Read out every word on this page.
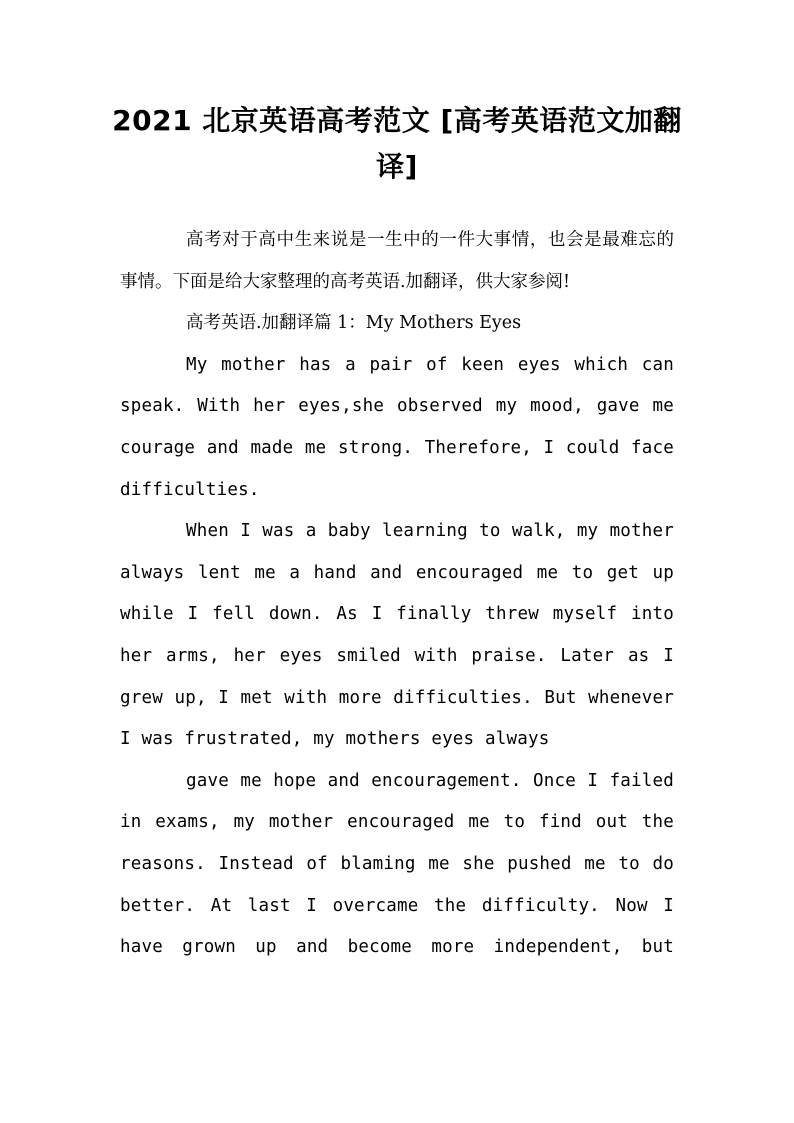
2021 北京英语高考范文 [高考英语范文加翻译]

高考对于高中生来说是一生中的一件大事情，也会是最难忘的事情。下面是给大家整理的高考英语.加翻译，供大家参阅!

高考英语.加翻译篇 1：My Mothers Eyes

My mother has a pair of keen eyes which can speak. With her eyes,she observed my mood, gave me courage and made me strong. Therefore, I could face difficulties.

When I was a baby learning to walk, my mother always lent me a hand and encouraged me to get up while I fell down. As I finally threw myself into her arms, her eyes smiled with praise. Later as I grew up, I met with more difficulties. But whenever I was frustrated, my mothers eyes always

gave me hope and encouragement. Once I failed in exams, my mother encouraged me to find out the reasons. Instead of blaming me she pushed me to do better. At last I overcame the difficulty. Now I have grown up and become more independent, but
